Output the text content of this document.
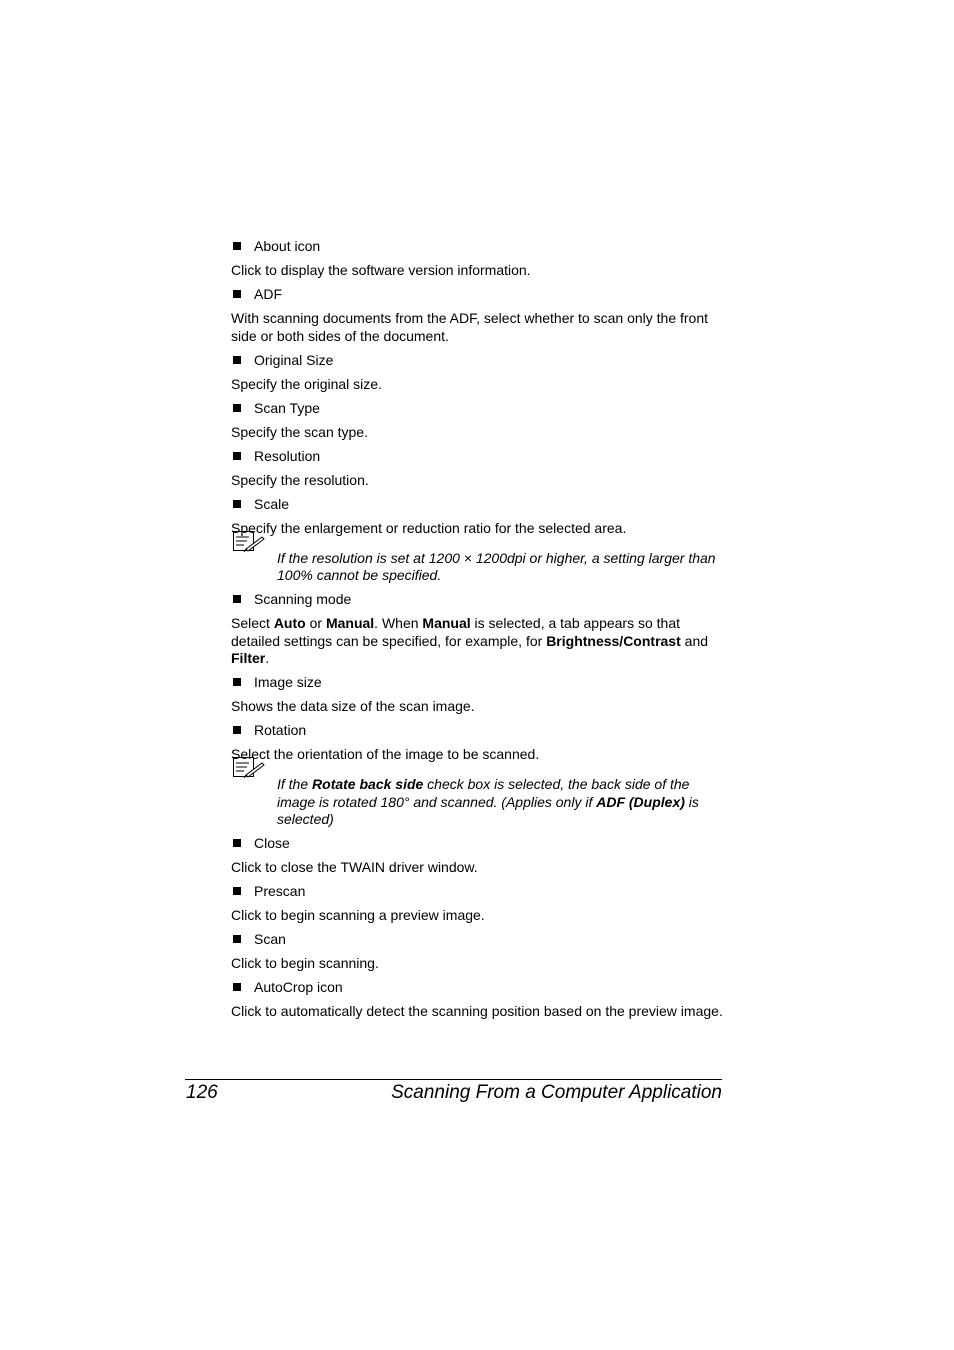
About icon

Click to display the software version information.

ADF

With scanning documents from the ADF, select whether to scan only the front side or both sides of the document.

Original Size

Specify the original size.

Scan Type

Specify the scan type.

Resolution

Specify the resolution.

Scale

Specify the enlargement or reduction ratio for the selected area.

If the resolution is set at 1200 × 1200dpi or higher, a setting larger than 100% cannot be specified.
Scanning mode

Select Auto or Manual. When Manual is selected, a tab appears so that detailed settings can be specified, for example, for Brightness/Contrast and Filter.

Image size

Shows the data size of the scan image.

Rotation

Select the orientation of the image to be scanned.

If the Rotate back side check box is selected, the back side of the image is rotated 180° and scanned. (Applies only if ADF (Duplex) is selected)
Close

Click to close the TWAIN driver window.

Prescan

Click to begin scanning a preview image.

Scan

Click to begin scanning.

AutoCrop icon

Click to automatically detect the scanning position based on the preview image.

126	Scanning From a Computer Application
